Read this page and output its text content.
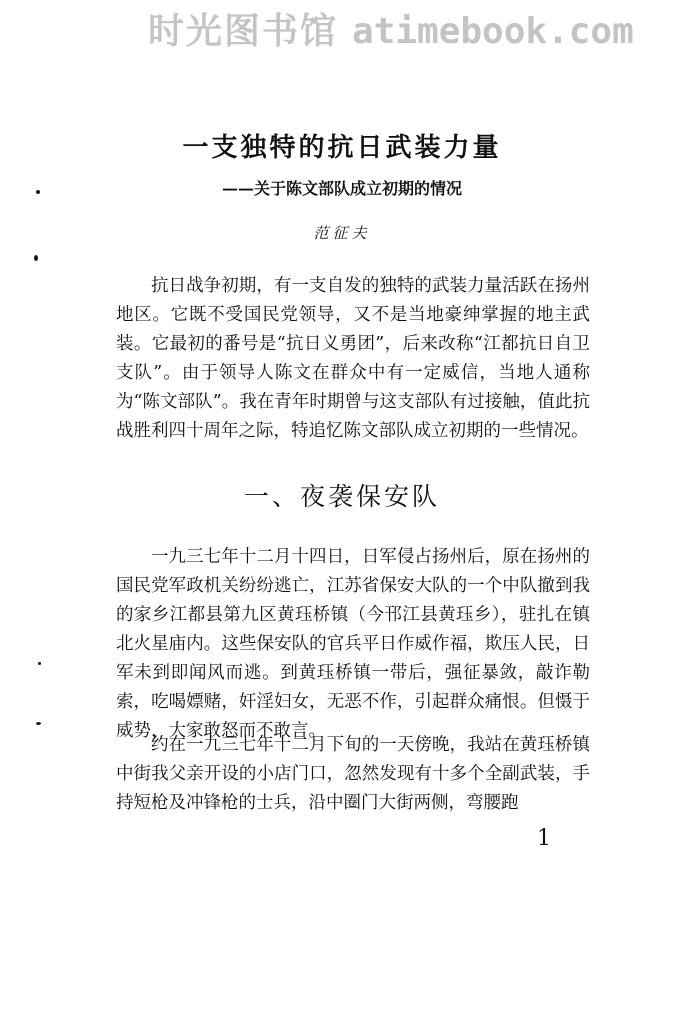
时光图书馆 atimebook.com
一支独特的抗日武装力量
——关于陈文部队成立初期的情况
范征夫

抗日战争初期，有一支自发的独特的武装力量活跃在扬州地区。它既不受国民党领导，又不是当地豪绅掌握的地主武装。它最初的番号是“抗日义勇团”，后来改称“江都抗日自卫支队”。由于领导人陈文在群众中有一定威信，当地人通称为“陈文部队”。我在青年时期曾与这支部队有过接触，值此抗战胜利四十周年之际，特追忆陈文部队成立初期的一些情况。

一、夜袭保安队

一九三七年十二月十四日，日军侵占扬州后，原在扬州的国民党军政机关纷纷逃亡，江苏省保安大队的一个中队撤到我的家乡江都县第九区黄珏桥镇（今邗江县黄珏乡），驻扎在镇北火星庙内。这些保安队的官兵平日作威作福，欺压人民，日军未到即闻风而逃。到黄珏桥镇一带后，强征暴敛，敲诈勒索，吃喝嫖赌，奸淫妇女，无恶不作，引起群众痛恨。但慑于威势，大家敢怒而不敢言。

约在一九三七年十二月下旬的一天傍晚，我站在黄珏桥镇中街我父亲开设的小店门口，忽然发现有十多个全副武装，手持短枪及冲锋枪的士兵，沿中圈门大街两侧，弯腰跑

1
